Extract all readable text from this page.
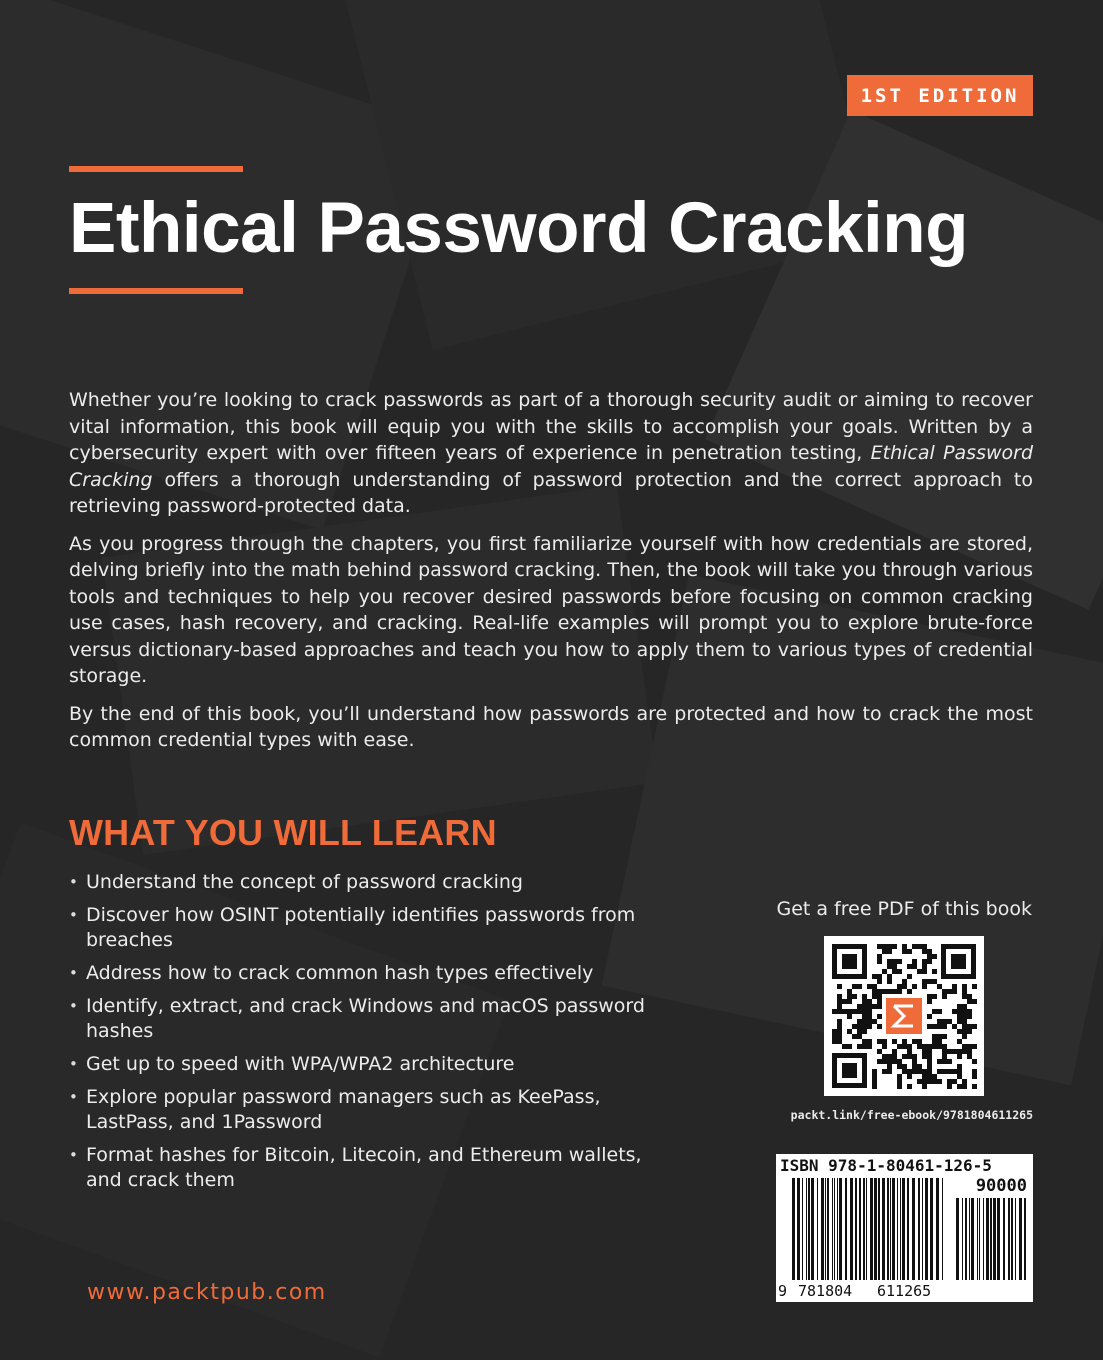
1ST EDITION
Ethical Password Cracking

Whether you’re looking to crack passwords as part of a thorough security audit or aiming to recover vital information, this book will equip you with the skills to accomplish your goals. Written by a cybersecurity expert with over fifteen years of experience in penetration testing, Ethical Password Cracking offers a thorough understanding of password protection and the correct approach to retrieving password-protected data.

As you progress through the chapters, you first familiarize yourself with how credentials are stored, delving briefly into the math behind password cracking. Then, the book will take you through various tools and techniques to help you recover desired passwords before focusing on common cracking use cases, hash recovery, and cracking. Real-life examples will prompt you to explore brute-force versus dictionary-based approaches and teach you how to apply them to various types of credential storage.

By the end of this book, you’ll understand how passwords are protected and how to crack the most common credential types with ease.

WHAT YOU WILL LEARN
• Understand the concept of password cracking
• Discover how OSINT potentially identifies passwords from breaches
• Address how to crack common hash types effectively
• Identify, extract, and crack Windows and macOS password hashes
• Get up to speed with WPA/WPA2 architecture
• Explore popular password managers such as KeePass, LastPass, and 1Password
• Format hashes for Bitcoin, Litecoin, and Ethereum wallets, and crack them
Get a free PDF of this book
packt.link/free-ebook/9781804611265
ISBN 978-1-80461-126-5
90000
9 781804 611265
www.packtpub.com
